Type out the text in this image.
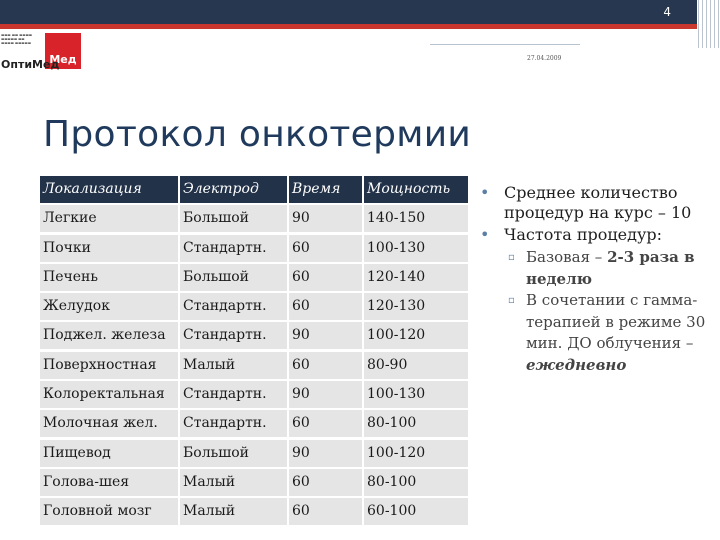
4
▬▬▬ ▬▬ ▬▬▬▬
▬▬▬▬▬ ▬▬
▬▬▬▬ ▬▬▬▬▬
Мед
ОптиМед	27.04.2009
Протокол онкотермии
Локализация	Электрод	Время	Мощность
Легкие	Большой	90	140-150
Почки	Стандартн.	60	100-130
Печень	Большой	60	120-140
Желудок	Стандартн.	60	120-130
Поджел. железа	Стандартн.	90	100-120
Поверхностная	Малый	60	80-90
Колоректальная	Стандартн.	90	100-130
Молочная жел.	Стандартн.	60	80-100
Пищевод	Большой	90	100-120
Голова-шея	Малый	60	80-100
Головной мозг	Малый	60	60-100
• Среднее количество процедур на курс – 10
• Частота процедур:
▫ Базовая – 2-3 раза в неделю
▫ В сочетании с гамма-терапией в режиме 30 мин. ДО облучения – ежедневно
